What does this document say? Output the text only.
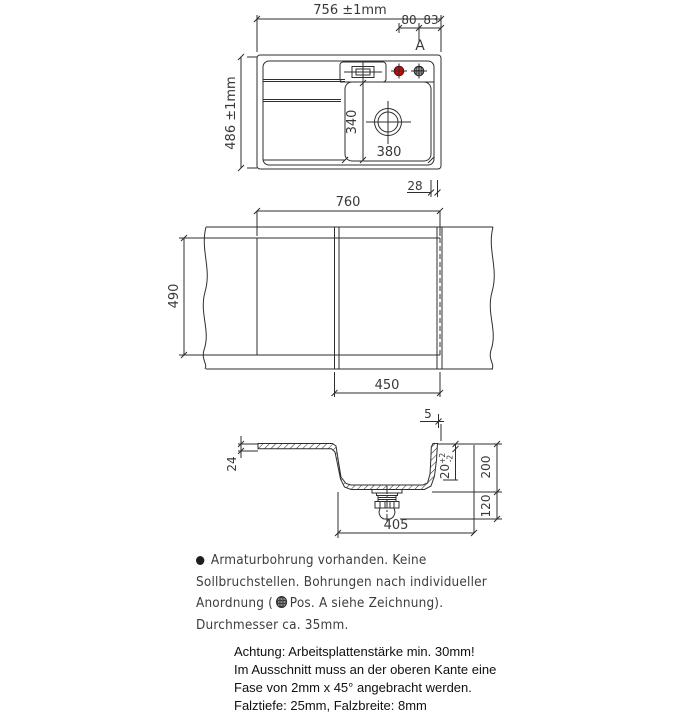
756 ±1mm
80 83
A
486 ±1mm	340
380
28
760
490
450
5
24	$20^{+2}-2$ 200
120
405
Armaturbohrung vorhanden. Keine
Sollbruchstellen. Bohrungen nach individueller
Anordnung ( Pos. A siehe Zeichnung).
Durchmesser ca. 35mm.
Achtung: Arbeitsplattenstärke min. 30mm!
Im Ausschnitt muss an der oberen Kante eine
Fase von 2mm x 45° angebracht werden.
Falztiefe: 25mm, Falzbreite: 8mm
